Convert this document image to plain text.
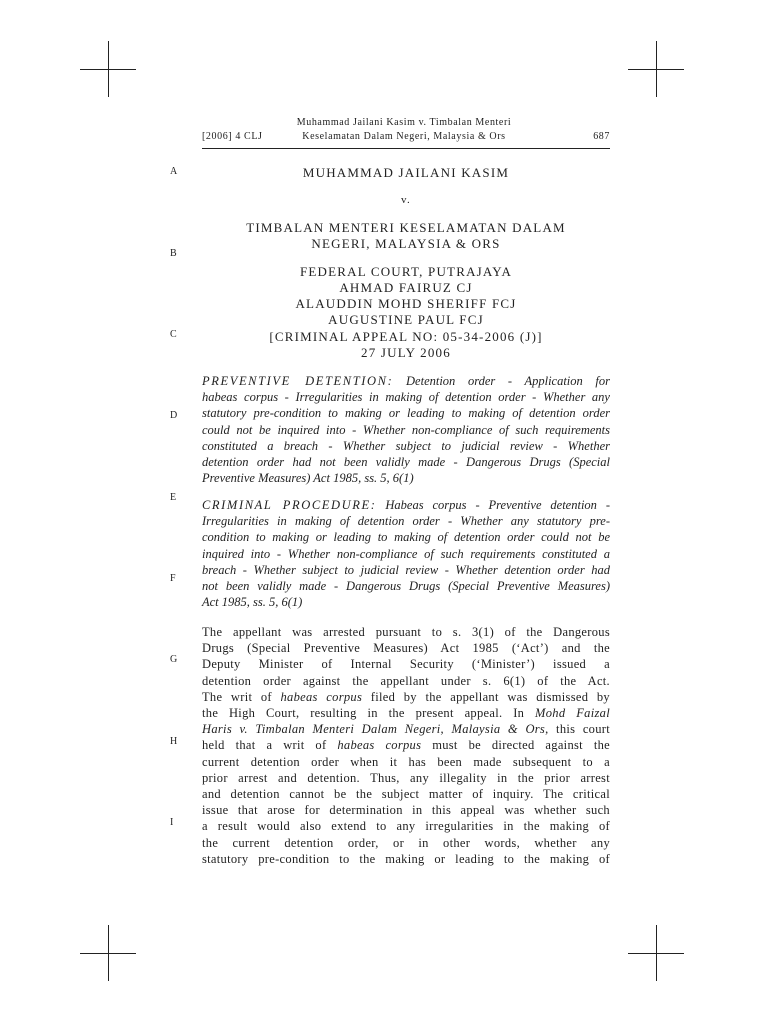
[2006] 4 CLJ
Muhammad Jailani Kasim v. Timbalan Menteri
Keselamatan Dalam Negeri, Malaysia & Ors	687
A
B
C
D
E
F
G
H
I
MUHAMMAD JAILANI KASIM
v.
TIMBALAN MENTERI KESELAMATAN DALAM
NEGERI, MALAYSIA & ORS
FEDERAL COURT, PUTRAJAYA
AHMAD FAIRUZ CJ
ALAUDDIN MOHD SHERIFF FCJ
AUGUSTINE PAUL FCJ
[CRIMINAL APPEAL NO: 05-34-2006 (J)]
27 JULY 2006
PREVENTIVE DETENTION: Detention order - Application for
habeas corpus - Irregularities in making of detention order - Whether any
statutory pre-condition to making or leading to making of detention order
could not be inquired into - Whether non-compliance of such requirements
constituted a breach - Whether subject to judicial review - Whether
detention order had not been validly made - Dangerous Drugs (Special
Preventive Measures) Act 1985, ss. 5, 6(1)
CRIMINAL PROCEDURE: Habeas corpus - Preventive detention -
Irregularities in making of detention order - Whether any statutory pre-
condition to making or leading to making of detention order could not be
inquired into - Whether non-compliance of such requirements constituted a
breach - Whether subject to judicial review - Whether detention order had
not been validly made - Dangerous Drugs (Special Preventive Measures)
Act 1985, ss. 5, 6(1)
The appellant was arrested pursuant to s. 3(1) of the Dangerous
Drugs (Special Preventive Measures) Act 1985 (‘Act’) and the
Deputy Minister of Internal Security (‘Minister’) issued a
detention order against the appellant under s. 6(1) of the Act.
The writ of habeas corpus filed by the appellant was dismissed by
the High Court, resulting in the present appeal. In Mohd Faizal
Haris v. Timbalan Menteri Dalam Negeri, Malaysia & Ors, this court
held that a writ of habeas corpus must be directed against the
current detention order when it has been made subsequent to a
prior arrest and detention. Thus, any illegality in the prior arrest
and detention cannot be the subject matter of inquiry. The critical
issue that arose for determination in this appeal was whether such
a result would also extend to any irregularities in the making of
the current detention order, or in other words, whether any
statutory pre-condition to the making or leading to the making of
